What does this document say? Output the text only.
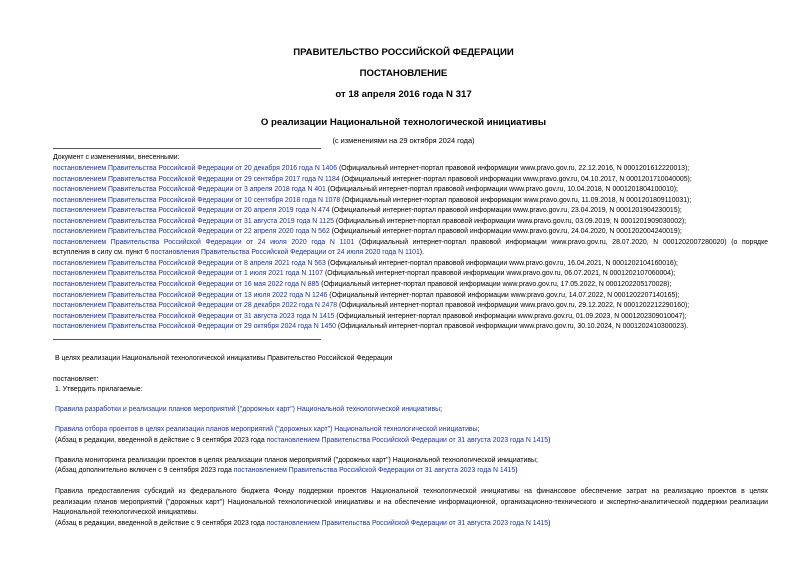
ПРАВИТЕЛЬСТВО РОССИЙСКОЙ ФЕДЕРАЦИИ
ПОСТАНОВЛЕНИЕ
от 18 апреля 2016 года N 317
О реализации Национальной технологической инициативы
(с изменениями на 29 октября 2024 года)
Документ с изменениями, внесенными:
постановлением Правительства Российской Федерации от 20 декабря 2016 года N 1406 (Официальный интернет-портал правовой информации www.pravo.gov.ru, 22.12.2016, N 0001201612220013);
постановлением Правительства Российской Федерации от 29 сентября 2017 года N 1184 (Официальный интернет-портал правовой информации www.pravo.gov.ru, 04.10.2017, N 0001201710040005);
постановлением Правительства Российской Федерации от 3 апреля 2018 года N 401 (Официальный интернет-портал правовой информации www.pravo.gov.ru, 10.04.2018, N 0001201804100010);
постановлением Правительства Российской Федерации от 10 сентября 2018 года N 1078 (Официальный интернет-портал правовой информации www.pravo.gov.ru, 11.09.2018, N 0001201809110031);
постановлением Правительства Российской Федерации от 20 апреля 2019 года N 474 (Официальный интернет-портал правовой информации www.pravo.gov.ru, 23.04.2019, N 0001201904230015);
постановлением Правительства Российской Федерации от 31 августа 2019 года N 1125 (Официальный интернет-портал правовой информации www.pravo.gov.ru, 03.09.2019, N 0001201909030002);
постановлением Правительства Российской Федерации от 22 апреля 2020 года N 562 (Официальный интернет-портал правовой информации www.pravo.gov.ru, 24.04.2020, N 0001202004240019);
постановлением Правительства Российской Федерации от 24 июля 2020 года N 1101 (Официальный интернет-портал правовой информации www.pravo.gov.ru, 28.07.2020, N 0001202007280020) (о порядке
вступления в силу см. пункт 6 постановления Правительства Российской Федерации от 24 июля 2020 года N 1101).
постановлением Правительства Российской Федерации от 8 апреля 2021 года N 563 (Официальный интернет-портал правовой информации www.pravo.gov.ru, 16.04.2021, N 0001202104160016);
постановлением Правительства Российской Федерации от 1 июля 2021 года N 1107 (Официальный интернет-портал правовой информации www.pravo.gov.ru, 06.07.2021, N 0001202107060004);
постановлением Правительства Российской Федерации от 16 мая 2022 года N 885 (Официальный интернет-портал правовой информации www.pravo.gov.ru, 17.05.2022, N 0001202205170028);
постановлением Правительства Российской Федерации от 13 июля 2022 года N 1246 (Официальный интернет-портал правовой информации www.pravo.gov.ru, 14.07.2022, N 0001202207140165);
постановлением Правительства Российской Федерации от 28 декабря 2022 года N 2478 (Официальный интернет-портал правовой информации www.pravo.gov.ru, 29.12.2022, N 0001202212290160);
постановлением Правительства Российской Федерации от 31 августа 2023 года N 1415 (Официальный интернет-портал правовой информации www.pravo.gov.ru, 01.09.2023, N 0001202309010047);
постановлением Правительства Российской Федерации от 29 октября 2024 года N 1450 (Официальный интернет-портал правовой информации www.pravo.gov.ru, 30.10.2024, N 0001202410300023).
В целях реализации Национальной технологической инициативы Правительство Российской Федерации
постановляет:
1. Утвердить прилагаемые:
Правила разработки и реализации планов мероприятий ("дорожных карт") Национальной технологической инициативы;
Правила отбора проектов в целях реализации планов мероприятий ("дорожных карт") Национальной технологической инициативы;
(Абзац в редакции, введенной в действие с 9 сентября 2023 года постановлением Правительства Российской Федерации от 31 августа 2023 года N 1415)
Правила мониторинга реализации проектов в целях реализации планов мероприятий ("дорожных карт") Национальной технологической инициативы;
(Абзац дополнительно включен с 9 сентября 2023 года постановлением Правительства Российской Федерации от 31 августа 2023 года N 1415)
Правила предоставления субсидий из федерального бюджета Фонду поддержки проектов Национальной технологической инициативы на финансовое обеспечение затрат на реализацию проектов в целях
реализации планов мероприятий ("дорожных карт") Национальной технологической инициативы и на обеспечение информационной, организационно-технического и экспертно-аналитической поддержки реализации
Национальной технологической инициативы.
(Абзац в редакции, введенной в действие с 9 сентября 2023 года постановлением Правительства Российской Федерации от 31 августа 2023 года N 1415)
